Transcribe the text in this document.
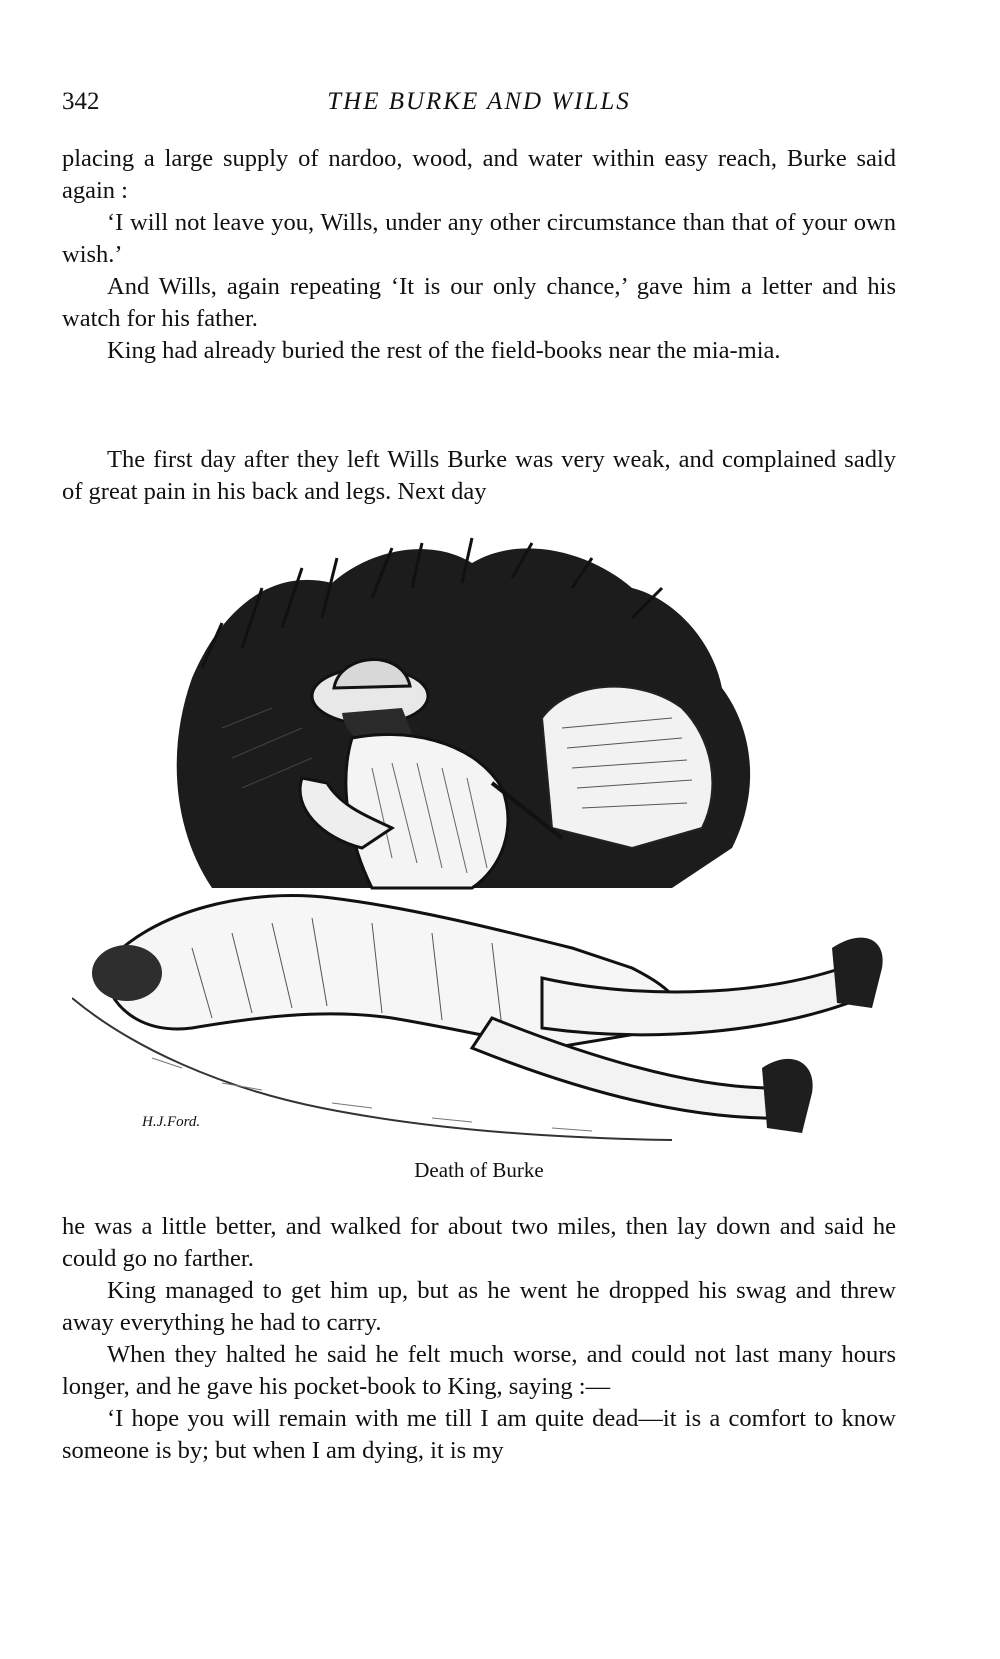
342	THE BURKE AND WILLS

placing a large supply of nardoo, wood, and water within easy reach, Burke said again :

‘I will not leave you, Wills, under any other circumstance than that of your own wish.’

And Wills, again repeating ‘It is our only chance,’ gave him a letter and his watch for his father.

King had already buried the rest of the field-books near the mia-mia.

The first day after they left Wills Burke was very weak, and complained sadly of great pain in his back and legs. Next day

H.J.Ford.
Death of Burke

he was a little better, and walked for about two miles, then lay down and said he could go no farther.

King managed to get him up, but as he went he dropped his swag and threw away everything he had to carry.

When they halted he said he felt much worse, and could not last many hours longer, and he gave his pocket-book to King, saying :—

‘I hope you will remain with me till I am quite dead—it is a comfort to know someone is by; but when I am dying, it is my
